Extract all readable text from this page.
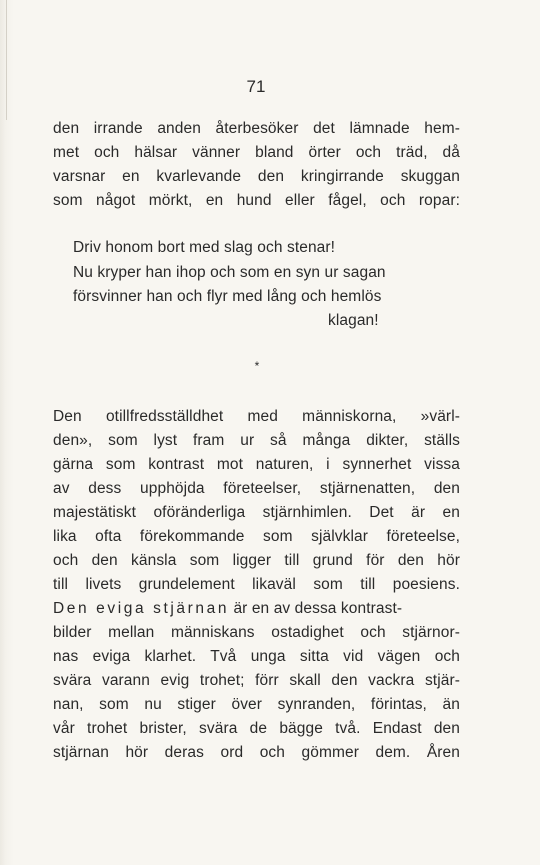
71
den irrande anden återbesöker det lämnade hem-
met och hälsar vänner bland örter och träd, då
varsnar en kvarlevande den kringirrande skuggan
som något mörkt, en hund eller fågel, och ropar:
Driv honom bort med slag och stenar!
Nu kryper han ihop och som en syn ur sagan
försvinner han och flyr med lång och hemlös
klagan!
*
Den otillfredsställdhet med människorna, »värl-
den», som lyst fram ur så många dikter, ställs
gärna som kontrast mot naturen, i synnerhet vissa
av dess upphöjda företeelser, stjärnenatten, den
majestätiskt oföränderliga stjärnhimlen. Det är en
lika ofta förekommande som självklar företeelse,
och den känsla som ligger till grund för den hör
till livets grundelement likaväl som till poesiens.
Den eviga stjärnan är en av dessa kontrast-
bilder mellan människans ostadighet och stjärnor-
nas eviga klarhet. Två unga sitta vid vägen och
svära varann evig trohet; förr skall den vackra stjär-
nan, som nu stiger över synranden, förintas, än
vår trohet brister, svära de bägge två. Endast den
stjärnan hör deras ord och gömmer dem. Åren
